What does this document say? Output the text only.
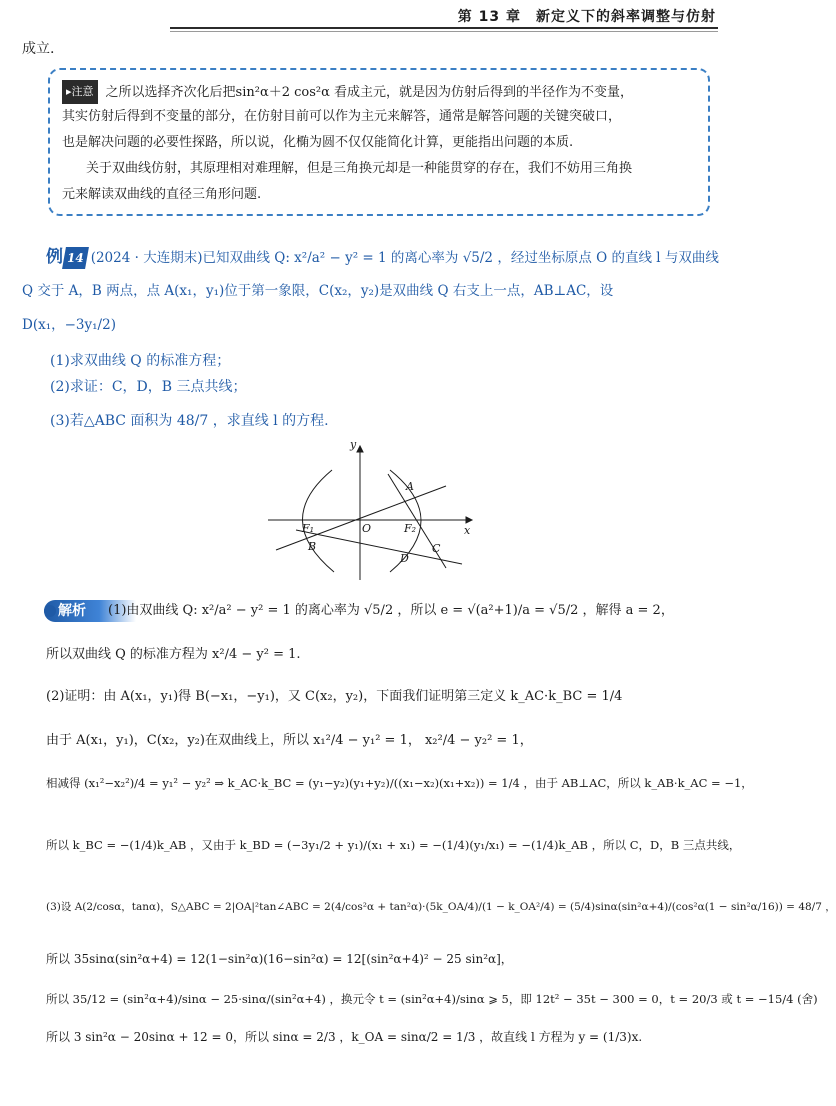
第 13 章　新定义下的斜率调整与仿射
成立.
▸注意 之所以选择齐次化后把sin²α＋2 cos²α 看成主元，就是因为仿射后得到的半径作为不变量，
其实仿射后得到不变量的部分，在仿射目前可以作为主元来解答，通常是解答问题的关键突破口，
也是解决问题的必要性探路，所以说，化椭为圆不仅仅能简化计算，更能指出问题的本质.
关于双曲线仿射，其原理相对难理解，但是三角换元却是一种能贯穿的存在，我们不妨用三角换
元来解读双曲线的直径三角形问题.
例 14 (2024 · 大连期末)已知双曲线 Q: x²/a² − y² = 1 的离心率为 √5/2 ，经过坐标原点 O 的直线 l 与双曲线
Q 交于 A，B 两点，点 A(x₁，y₁)位于第一象限，C(x₂，y₂)是双曲线 Q 右支上一点，AB⊥AC，设
D(x₁，−3y₁/2)
(1)求双曲线 Q 的标准方程；
(2)求证：C，D，B 三点共线；
(3)若△ABC 面积为 48/7 ，求直线 l 的方程.
y
x
O
A
B	C
D
F₁	F₂
解析 (1)由双曲线 Q: x²/a² − y² = 1 的离心率为 √5/2 ，所以 e = √(a²+1)/a = √5/2 ，解得 a = 2，
所以双曲线 Q 的标准方程为 x²/4 − y² = 1.
(2)证明：由 A(x₁，y₁)得 B(−x₁，−y₁)，又 C(x₂，y₂)，下面我们证明第三定义 k_AC·k_BC = 1/4
由于 A(x₁，y₁)，C(x₂，y₂)在双曲线上，所以 x₁²/4 − y₁² = 1， x₂²/4 − y₂² = 1，
相减得 (x₁²−x₂²)/4 = y₁² − y₂² ⇒ k_AC·k_BC = (y₁−y₂)(y₁+y₂)/((x₁−x₂)(x₁+x₂)) = 1/4 ，由于 AB⊥AC，所以 k_AB·k_AC = −1，
所以 k_BC = −(1/4)k_AB ，又由于 k_BD = (−3y₁/2 + y₁)/(x₁ + x₁) = −(1/4)(y₁/x₁) = −(1/4)k_AB ，所以 C，D，B 三点共线，
(3)设 A(2/cosα，tanα)，S△ABC = 2|OA|²tan∠ABC = 2(4/cos²α + tan²α)·(5k_OA/4)/(1 − k_OA²/4) = (5/4)sinα(sin²α+4)/(cos²α(1 − sin²α/16)) = 48/7 ，
所以 35sinα(sin²α+4) = 12(1−sin²α)(16−sin²α) = 12[(sin²α+4)² − 25 sin²α]，
所以 35/12 = (sin²α+4)/sinα − 25·sinα/(sin²α+4) ，换元令 t = (sin²α+4)/sinα ⩾ 5，即 12t² − 35t − 300 = 0，t = 20/3 或 t = −15/4 (舍)
所以 3 sin²α − 20sinα + 12 = 0，所以 sinα = 2/3 ，k_OA = sinα/2 = 1/3 ，故直线 l 方程为 y = (1/3)x.
